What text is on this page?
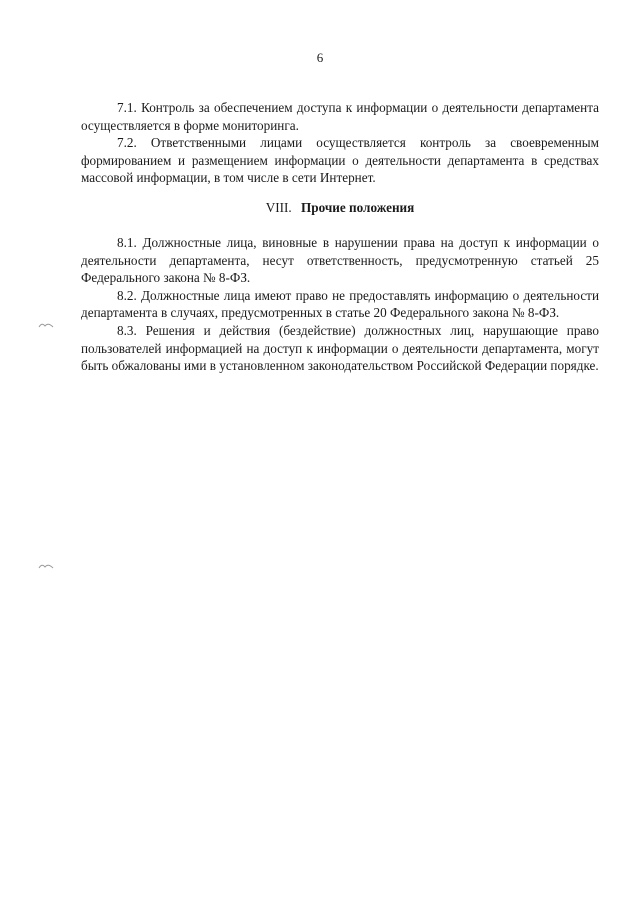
6

7.1. Контроль за обеспечением доступа к информации о деятельности департамента осуществляется в форме мониторинга.

7.2. Ответственными лицами осуществляется контроль за своевременным формированием и размещением информации о деятельности департамента в средствах массовой информации, в том числе в сети Интернет.

VIII. Прочие положения

8.1. Должностные лица, виновные в нарушении права на доступ к информации о деятельности департамента, несут ответственность, предусмотренную статьей 25 Федерального закона № 8-ФЗ.

8.2. Должностные лица имеют право не предоставлять информацию о деятельности департамента в случаях, предусмотренных в статье 20 Федерального закона № 8-ФЗ.

8.3. Решения и действия (бездействие) должностных лиц, нарушающие право пользователей информацией на доступ к информации о деятельности департамента, могут быть обжалованы ими в установленном законодательством Российской Федерации порядке.
